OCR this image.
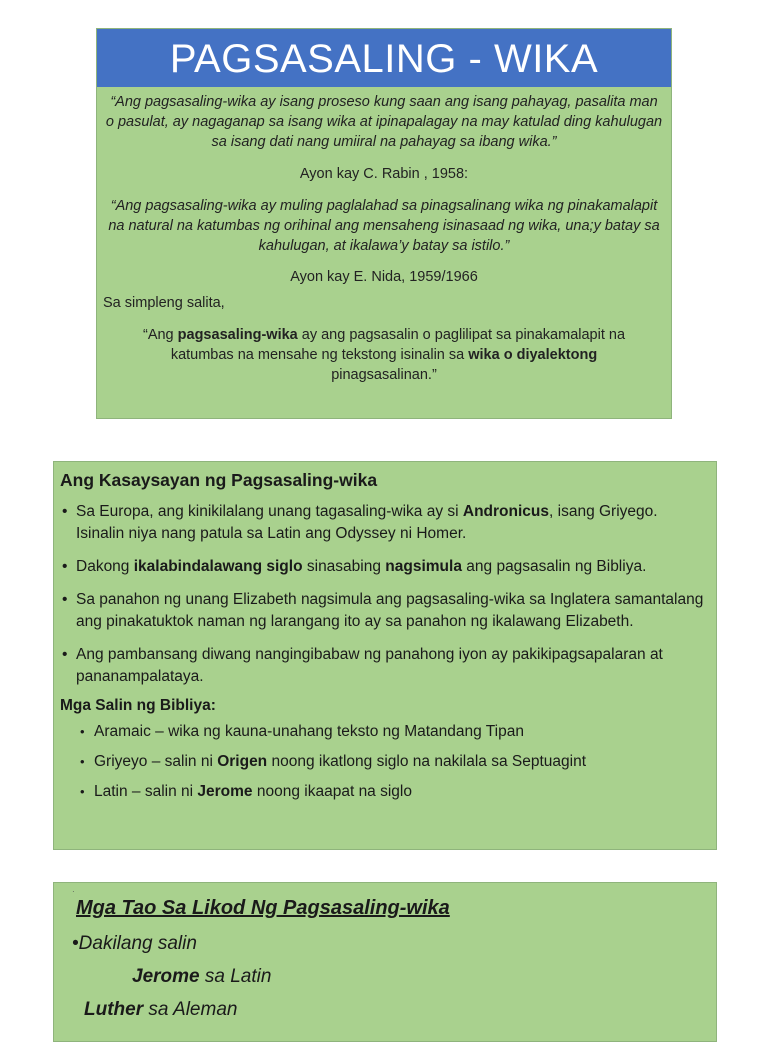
PAGSASALING - WIKA
“Ang pagsasaling-wika ay isang proseso kung saan ang isang pahayag, pasalita man o pasulat, ay nagaganap sa isang wika at ipinapalagay na may katulad ding kahulugan sa isang dati nang umiiral na pahayag sa ibang wika.”
Ayon kay C. Rabin , 1958:
“Ang pagsasaling-wika ay muling paglalahad sa pinagsalinang wika ng pinakamalapit na natural na katumbas ng orihinal ang mensaheng isinasaad ng wika, una;y batay sa kahulugan, at ikalawa’y batay sa istilo.”
Ayon kay E. Nida, 1959/1966
Sa simpleng salita,
“Ang pagsasaling-wika ay ang pagsasalin o paglilipat sa pinakamalapit na katumbas na mensahe ng tekstong isinalin sa wika o diyalektong pinagsasalinan.”
Ang Kasaysayan ng Pagsasaling-wika
• Sa Europa, ang kinikilalang unang tagasaling-wika ay si Andronicus, isang Griyego. Isinalin niya nang patula sa Latin ang Odyssey ni Homer.
• Dakong ikalabindalawang siglo sinasabing nagsimula ang pagsasalin ng Bibliya.
• Sa panahon ng unang Elizabeth nagsimula ang pagsasaling-wika sa Inglatera samantalang ang pinakatuktok naman ng larangang ito ay sa panahon ng ikalawang Elizabeth.
• Ang pambansang diwang nangingibabaw ng panahong iyon ay pakikipagsapalaran at pananampalataya.
Mga Salin ng Bibliya:
• Aramaic – wika ng kauna-unahang teksto ng Matandang Tipan
• Griyeyo – salin ni Origen noong ikatlong siglo na nakilala sa Septuagint
• Latin – salin ni Jerome noong ikaapat na siglo
·
Mga Tao Sa Likod Ng Pagsasaling-wika
•Dakilang salin
Jerome sa Latin
Luther sa Aleman
